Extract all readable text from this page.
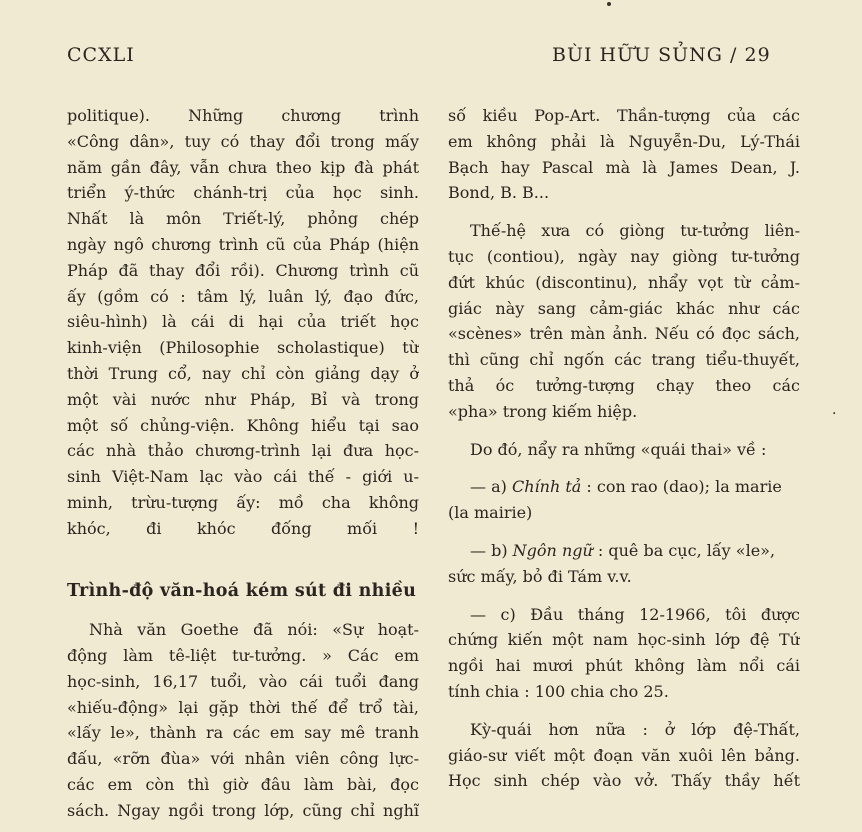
CCXLI	BÙI HỮU SỦNG / 29
politique). Những chương trình
«Công dân», tuy có thay đổi trong mấy
năm gần đây, vẫn chưa theo kịp đà phát
triển ý-thức chánh-trị của học sinh.
Nhất là môn Triết-lý, phỏng chép
ngày ngô chương trình cũ của Pháp (hiện
Pháp đã thay đổi rồi). Chương trình cũ
ấy (gồm có : tâm lý, luân lý, đạo đức,
siêu-hình) là cái di hại của triết học
kinh-viện (Philosophie scholastique) từ
thời Trung cổ, nay chỉ còn giảng dạy ở
một vài nước như Pháp, Bỉ và trong
một số chủng-viện. Không hiểu tại sao
các nhà thảo chương-trình lại đưa học-
sinh Việt-Nam lạc vào cái thế - giới u-
minh, trừu-tượng ấy: mồ cha không
khóc, đi khóc đống mối !
Trình-độ văn-hoá kém sút đi nhiều
Nhà văn Goethe đã nói: «Sự hoạt-
động làm tê-liệt tư-tưởng. » Các em
học-sinh, 16,17 tuổi, vào cái tuổi đang
«hiếu-động» lại gặp thời thế để trổ tài,
«lấy le», thành ra các em say mê tranh
đấu, «rỡn đùa» với nhân viên công lực-
các em còn thì giờ đâu làm bài, đọc
sách. Ngay ngồi trong lớp, cũng chỉ nghĩ
số kiều Pop-Art. Thần-tượng của các
em không phải là Nguyễn-Du, Lý-Thái
Bạch hay Pascal mà là James Dean, J.
Bond, B. B...
Thế-hệ xưa có giòng tư-tưởng liên-
tục (contiou), ngày nay giòng tư-tưởng
đứt khúc (discontinu), nhẩy vọt từ cảm-
giác này sang cảm-giác khác như các
«scènes» trên màn ảnh. Nếu có đọc sách,
thì cũng chỉ ngốn các trang tiểu-thuyết,
thả óc tưởng-tượng chạy theo các
«pha» trong kiếm hiệp.
Do đó, nẩy ra những «quái thai» về :
— a) Chính tả : con rao (dao); la marie
(la mairie)
— b) Ngôn ngữ : quê ba cục, lấy «le»,
sức mấy, bỏ đi Tám v.v.
— c) Đầu tháng 12-1966, tôi được
chứng kiến một nam học-sinh lớp đệ Tứ
ngồi hai mươi phút không làm nổi cái
tính chia : 100 chia cho 25.
Kỳ-quái hơn nữa : ở lớp đệ-Thất,
giáo-sư viết một đoạn văn xuôi lên bảng.
Học sinh chép vào vở. Thấy thầy hết
·
